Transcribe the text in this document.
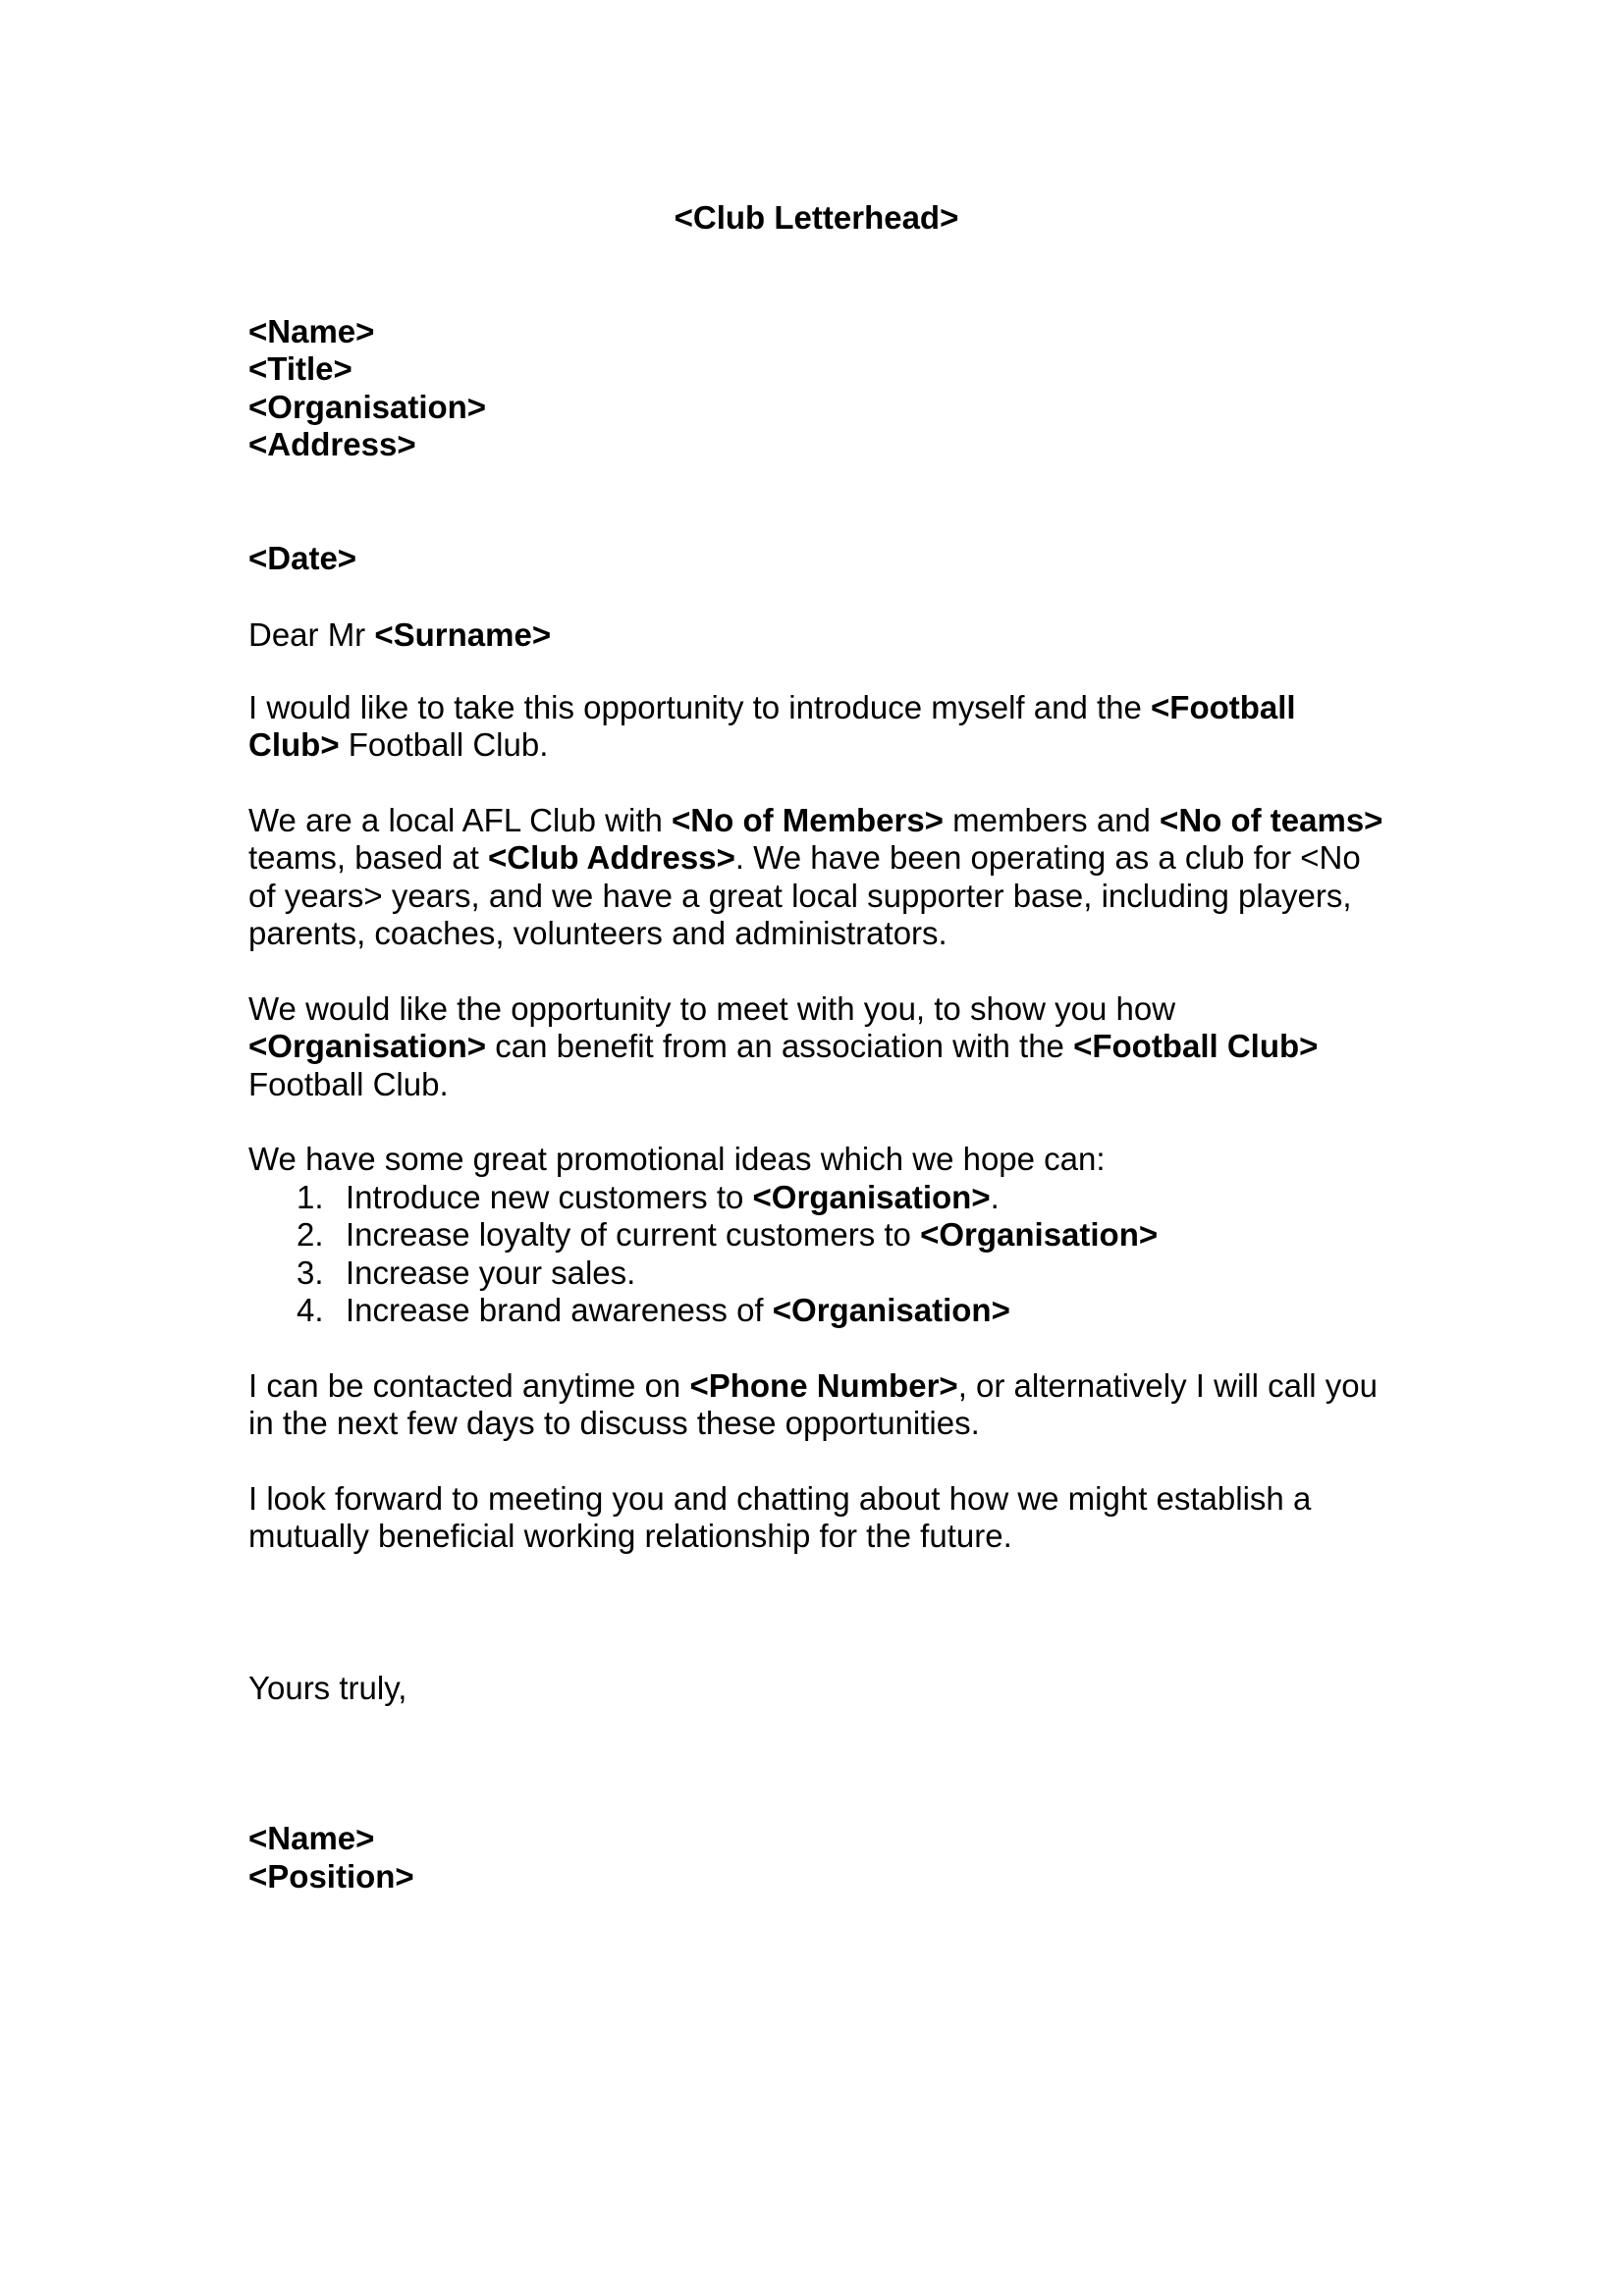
<Club Letterhead>
<Name>
<Title>
<Organisation>
<Address>
<Date>

Dear Mr <Surname>

I would like to take this opportunity to introduce myself and the <Football Club> Football Club.

We are a local AFL Club with <No of Members> members and <No of teams> teams, based at <Club Address>. We have been operating as a club for <No of years> years, and we have a great local supporter base, including players, parents, coaches, volunteers and administrators.

We would like the opportunity to meet with you, to show you how <Organisation> can benefit from an association with the <Football Club> Football Club.

We have some great promotional ideas which we hope can:

1. Introduce new customers to <Organisation>.
2. Increase loyalty of current customers to <Organisation>
3. Increase your sales.
4. Increase brand awareness of <Organisation>

I can be contacted anytime on <Phone Number>, or alternatively I will call you in the next few days to discuss these opportunities.

I look forward to meeting you and chatting about how we might establish a mutually beneficial working relationship for the future.

Yours truly,

<Name>
<Position>
